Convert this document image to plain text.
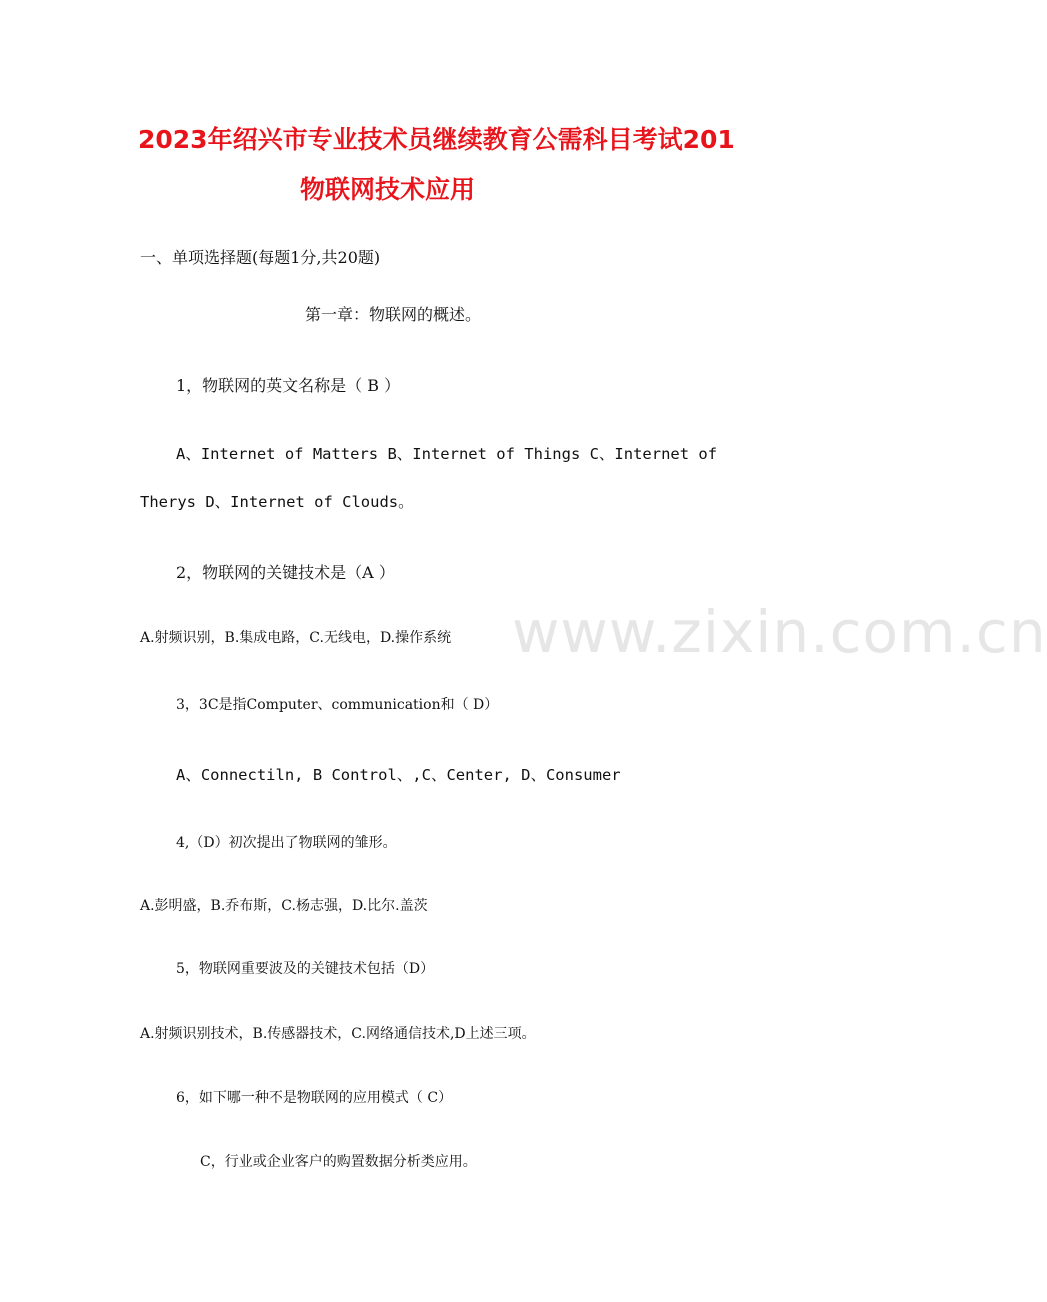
www.zixin.com.cn
2023年绍兴市专业技术员继续教育公需科目考试201
物联网技术应用
一、单项选择题(每题1分,共20题)
第一章：物联网的概述。
1，物联网的英文名称是（ B ）
A、Internet of Matters B、Internet of Things C、Internet of
Therys D、Internet of Clouds。
2，物联网的关键技术是（A ）
A.射频识别，B.集成电路，C.无线电，D.操作系统
3，3C是指Computer、communication和（ D）
A、Connectiln, B Control、,C、Center, D、Consumer
4,（D）初次提出了物联网的雏形。
A.彭明盛，B.乔布斯，C.杨志强，D.比尔.盖茨
5，物联网重要波及的关键技术包括（D）
A.射频识别技术，B.传感器技术，C.网络通信技术,D上述三项。
6，如下哪一种不是物联网的应用模式（ C）
C，行业或企业客户的购置数据分析类应用。
